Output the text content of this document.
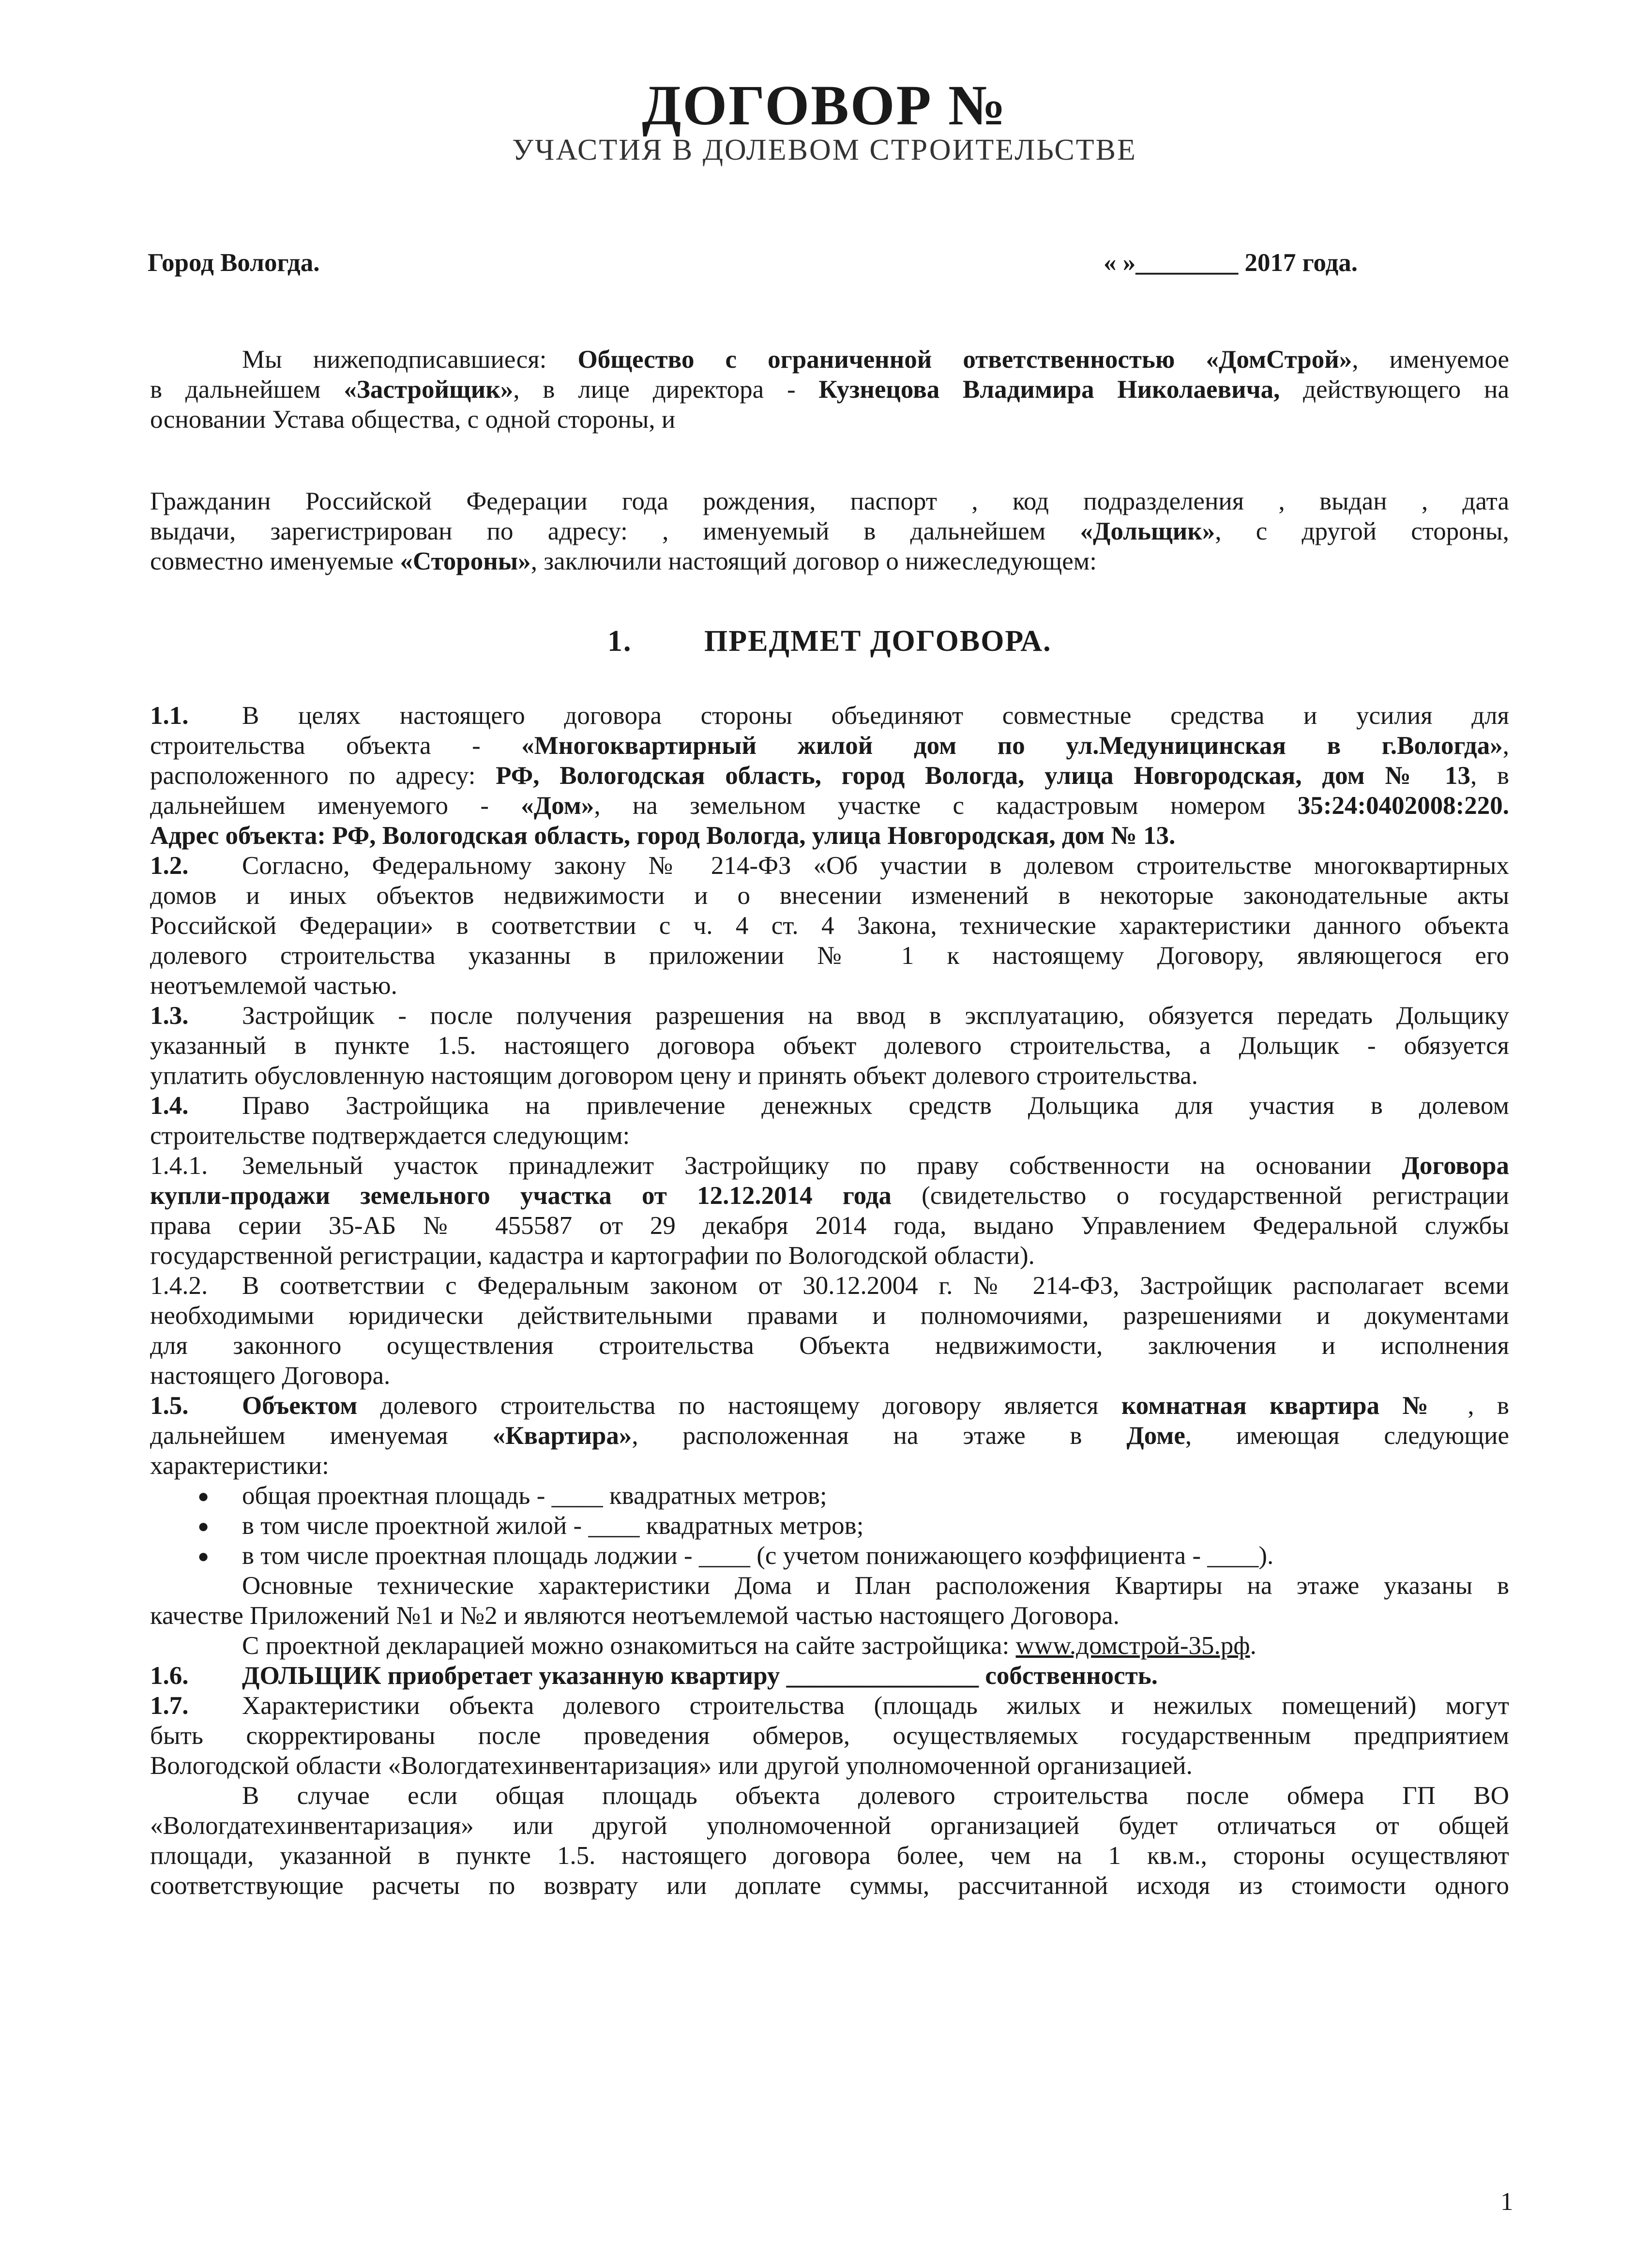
ДОГОВОР №
УЧАСТИЯ В ДОЛЕВОМ СТРОИТЕЛЬСТВЕ
Город Вологда.	« »________ 2017 года.
Мы нижеподписавшиеся: Общество с ограниченной ответственностью «ДомСтрой», именуемое
в дальнейшем «Застройщик», в лице директора - Кузнецова Владимира Николаевича, действующего на
основании Устава общества, с одной стороны, и
Гражданин Российской Федерации года рождения, паспорт , код подразделения , выдан , дата
выдачи, зарегистрирован по адресу: , именуемый в дальнейшем «Дольщик», с другой стороны,
совместно именуемые «Стороны», заключили настоящий договор о нижеследующем:
1. ПРЕДМЕТ ДОГОВОРА.
1.1. В целях настоящего договора стороны объединяют совместные средства и усилия для
строительства объекта - «Многоквартирный жилой дом по ул.Медуницинская в г.Вологда»,
расположенного по адресу: РФ, Вологодская область, город Вологда, улица Новгородская, дом № 13, в
дальнейшем именуемого - «Дом», на земельном участке с кадастровым номером 35:24:0402008:220.
Адрес объекта: РФ, Вологодская область, город Вологда, улица Новгородская, дом № 13.
1.2. Согласно, Федеральному закону № 214-ФЗ «Об участии в долевом строительстве многоквартирных
домов и иных объектов недвижимости и о внесении изменений в некоторые законодательные акты
Российской Федерации» в соответствии с ч. 4 ст. 4 Закона, технические характеристики данного объекта
долевого строительства указанны в приложении № 1 к настоящему Договору, являющегося его
неотъемлемой частью.
1.3. Застройщик - после получения разрешения на ввод в эксплуатацию, обязуется передать Дольщику
указанный в пункте 1.5. настоящего договора объект долевого строительства, а Дольщик - обязуется
уплатить обусловленную настоящим договором цену и принять объект долевого строительства.
1.4. Право Застройщика на привлечение денежных средств Дольщика для участия в долевом
строительстве подтверждается следующим:
1.4.1. Земельный участок принадлежит Застройщику по праву собственности на основании Договора
купли-продажи земельного участка от 12.12.2014 года (свидетельство о государственной регистрации
права серии 35-АБ № 455587 от 29 декабря 2014 года, выдано Управлением Федеральной службы
государственной регистрации, кадастра и картографии по Вологодской области).
1.4.2. В соответствии с Федеральным законом от 30.12.2004 г. № 214-ФЗ, Застройщик располагает всеми
необходимыми юридически действительными правами и полномочиями, разрешениями и документами
для законного осуществления строительства Объекта недвижимости, заключения и исполнения
настоящего Договора.
1.5. Объектом долевого строительства по настоящему договору является комнатная квартира № , в
дальнейшем именуемая «Квартира», расположенная на этаже в Доме, имеющая следующие
характеристики:
● общая проектная площадь - ____ квадратных метров;
● в том числе проектной жилой - ____ квадратных метров;
● в том числе проектная площадь лоджии - ____ (с учетом понижающего коэффициента - ____).
Основные технические характеристики Дома и План расположения Квартиры на этаже указаны в
качестве Приложений №1 и №2 и являются неотъемлемой частью настоящего Договора.
С проектной декларацией можно ознакомиться на сайте застройщика: www.домстрой-35.рф.
1.6. ДОЛЬЩИК приобретает указанную квартиру _______________ собственность.
1.7. Характеристики объекта долевого строительства (площадь жилых и нежилых помещений) могут
быть скорректированы после проведения обмеров, осуществляемых государственным предприятием
Вологодской области «Вологдатехинвентаризация» или другой уполномоченной организацией.
В случае если общая площадь объекта долевого строительства после обмера ГП ВО
«Вологдатехинвентаризация» или другой уполномоченной организацией будет отличаться от общей
площади, указанной в пункте 1.5. настоящего договора более, чем на 1 кв.м., стороны осуществляют
соответствующие расчеты по возврату или доплате суммы, рассчитанной исходя из стоимости одного
1
